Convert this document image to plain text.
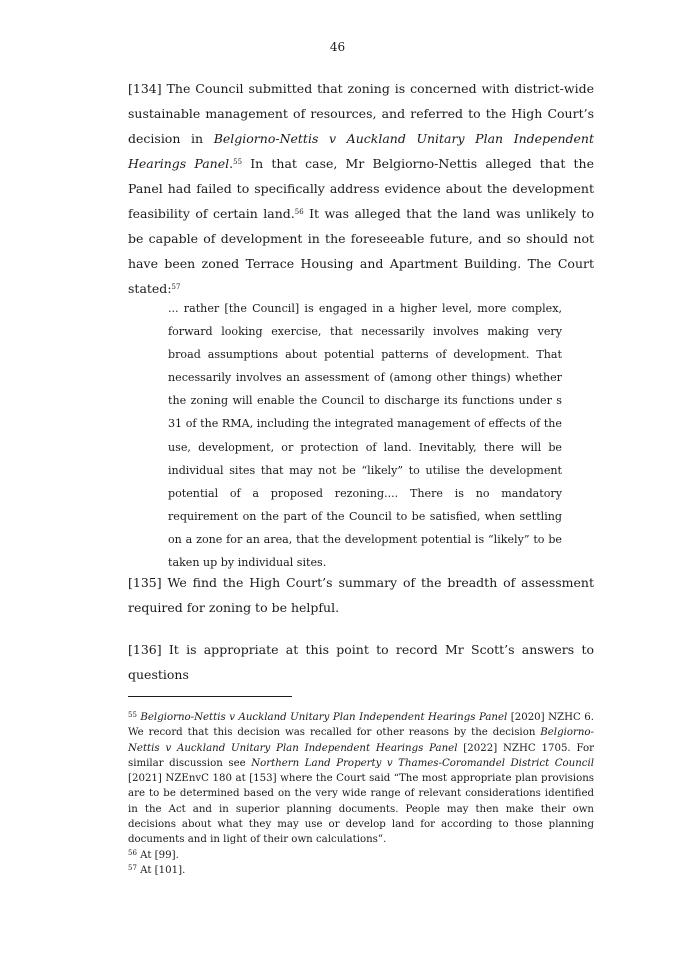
46

[134] The Council submitted that zoning is concerned with district-wide sustainable management of resources, and referred to the High Court’s decision in Belgiorno-Nettis v Auckland Unitary Plan Independent Hearings Panel.$^{55}$ In that case, Mr Belgiorno-Nettis alleged that the Panel had failed to specifically address evidence about the development feasibility of certain land.$^{56}$ It was alleged that the land was unlikely to be capable of development in the foreseeable future, and so should not have been zoned Terrace Housing and Apartment Building. The Court stated:$^{57}$

... rather [the Council] is engaged in a higher level, more complex, forward looking exercise, that necessarily involves making very broad assumptions about potential patterns of development. That necessarily involves an assessment of (among other things) whether the zoning will enable the Council to discharge its functions under s 31 of the RMA, including the integrated management of effects of the use, development, or protection of land. Inevitably, there will be individual sites that may not be “likely” to utilise the development potential of a proposed rezoning.... There is no mandatory requirement on the part of the Council to be satisfied, when settling on a zone for an area, that the development potential is “likely” to be taken up by individual sites.

[135] We find the High Court’s summary of the breadth of assessment required for zoning to be helpful.

[136] It is appropriate at this point to record Mr Scott’s answers to questions

$^{55}$ Belgiorno-Nettis v Auckland Unitary Plan Independent Hearings Panel [2020] NZHC 6. We record that this decision was recalled for other reasons by the decision Belgiorno-Nettis v Auckland Unitary Plan Independent Hearings Panel [2022] NZHC 1705. For similar discussion see Northern Land Property v Thames-Coromandel District Council [2021] NZEnvC 180 at [153] where the Court said “The most appropriate plan provisions are to be determined based on the very wide range of relevant considerations identified in the Act and in superior planning documents. People may then make their own decisions about what they may use or develop land for according to those planning documents and in light of their own calculations”.

$^{56}$ At [99].

$^{57}$ At [101].
